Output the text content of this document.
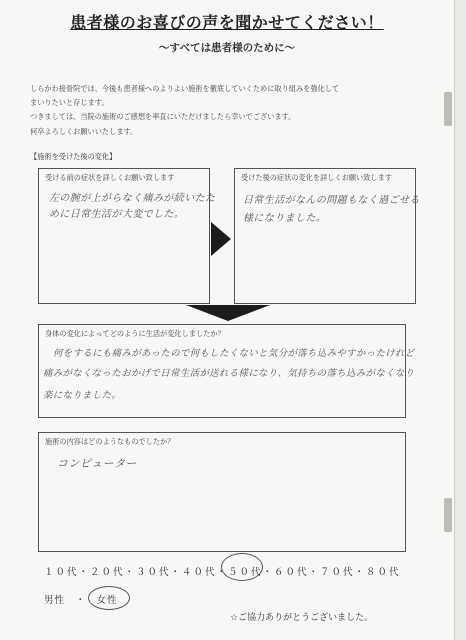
患者様のお喜びの声を聞かせてください！
～すべては患者様のために～

しらかわ接骨院では、今後も患者様へのよりよい施術を徹底していくために取り組みを強化して

まいりたいと存じます。

つきましては、当院の施術のご感想を率直にいただけましたら幸いでございます。

何卒よろしくお願いいたします。

【施術を受けた後の変化】
受ける前の症状を詳しくお願い致します
左の腕が上がらなく痛みが続いたた
めに日常生活が大変でした。
受けた後の症状の変化を詳しくお願い致します
日常生活がなんの問題もなく過ごせる
様になりました。
身体の変化によってどのように生活が変化しましたか？
何をするにも痛みがあったので何もしたくないと気分が落ち込みやすかったけれど
痛みがなくなったおかげで日常生活が送れる様になり、気持ちの落ち込みがなくなり
楽になりました。
施術の内容はどのようなものでしたか？
コンピューター
１０代・２０代・３０代・４０代・５０代・６０代・７０代・８０代
男性　・　女性
☆ご協力ありがとうございました。
